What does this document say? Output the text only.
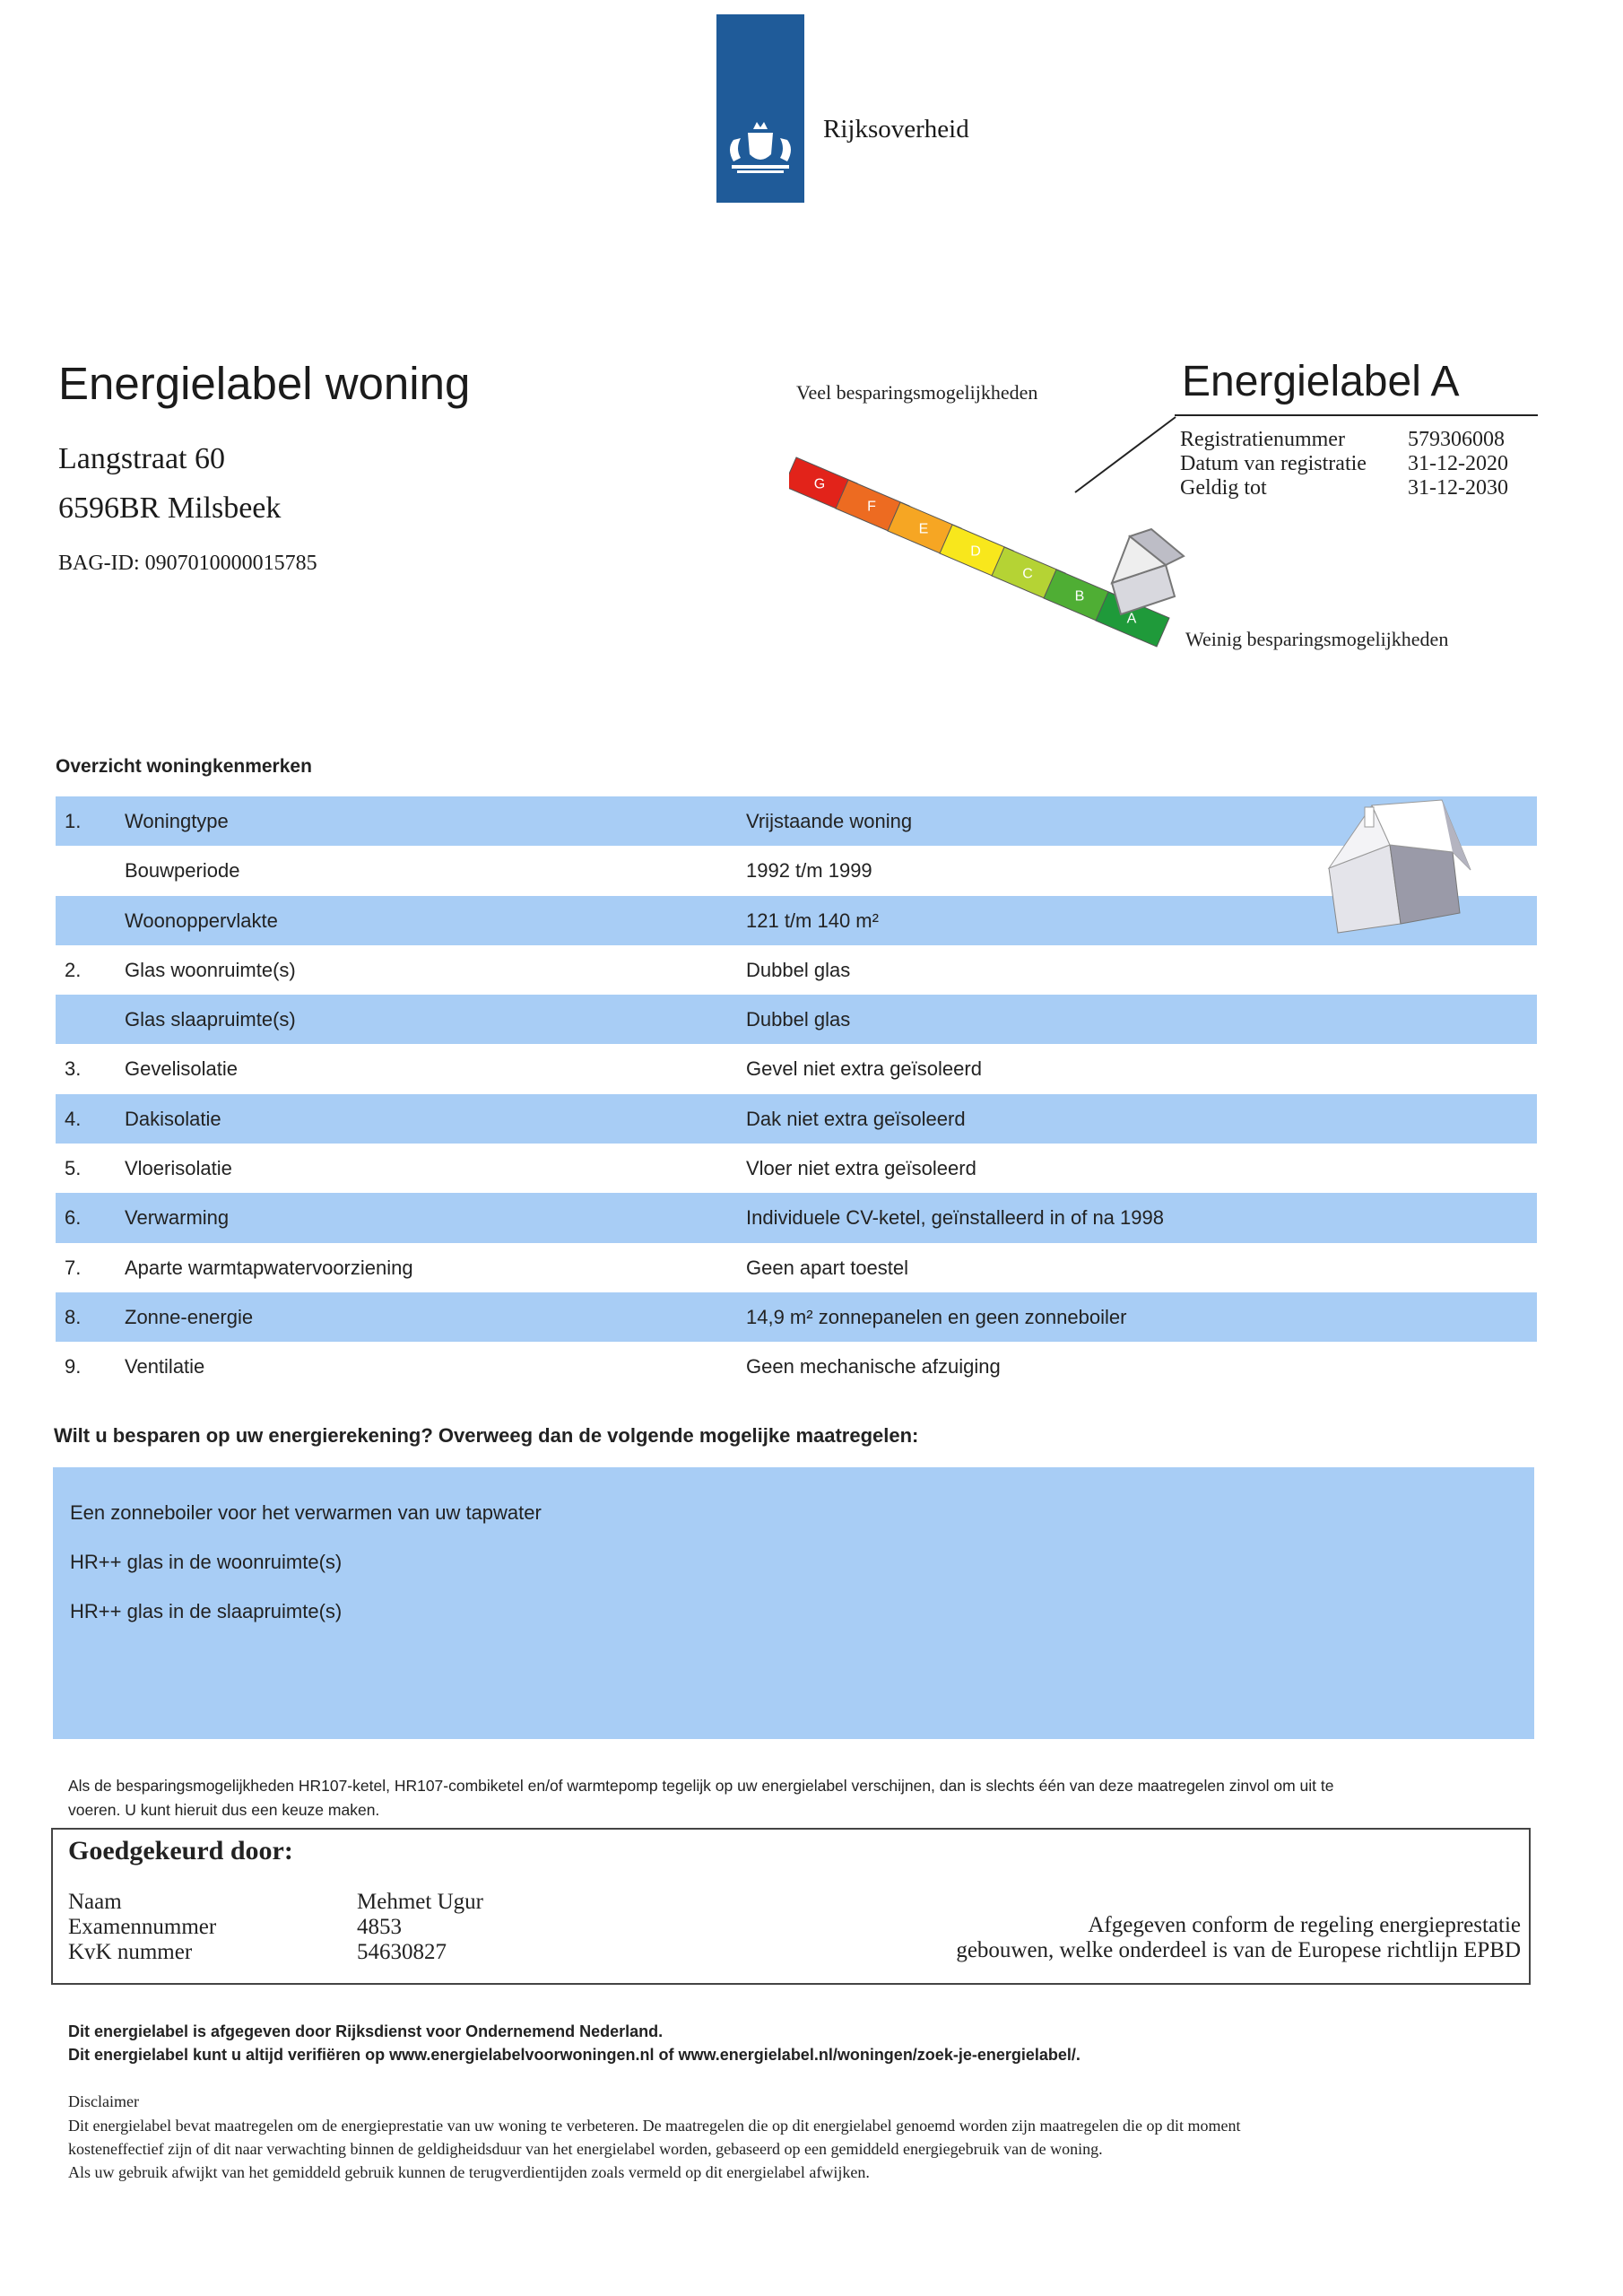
Rijksoverheid
Energielabel woning
Langstraat 60
6596BR Milsbeek
BAG-ID: 0907010000015785
Veel besparingsmogelijkheden
G
F
E
D
C
B
A
Weinig besparingsmogelijkheden
Energielabel A
Registratienummer	579306008
Datum van registratie 31-12-2020
Geldig tot	31-12-2030
Overzicht woningkenmerken
1. Woningtype	Vrijstaande woning
Bouwperiode	1992 t/m 1999
Woonoppervlakte	121 t/m 140 m²
2. Glas woonruimte(s)	Dubbel glas
Glas slaapruimte(s)	Dubbel glas
3. Gevelisolatie	Gevel niet extra geïsoleerd
4. Dakisolatie	Dak niet extra geïsoleerd
5. Vloerisolatie	Vloer niet extra geïsoleerd
6. Verwarming	Individuele CV-ketel, geïnstalleerd in of na 1998
7. Aparte warmtapwatervoorziening	Geen apart toestel
8. Zonne-energie	14,9 m² zonnepanelen en geen zonneboiler
9. Ventilatie	Geen mechanische afzuiging
Wilt u besparen op uw energierekening? Overweeg dan de volgende mogelijke maatregelen:
Een zonneboiler voor het verwarmen van uw tapwater
HR++ glas in de woonruimte(s)
HR++ glas in de slaapruimte(s)
Als de besparingsmogelijkheden HR107-ketel, HR107-combiketel en/of warmtepomp tegelijk op uw energielabel verschijnen, dan is slechts één van deze maatregelen zinvol om uit te
voeren. U kunt hieruit dus een keuze maken.
Goedgekeurd door:
Naam	Mehmet Ugur
Examennummer	4853
KvK nummer	54630827
Afgegeven conform de regeling energieprestatie
gebouwen, welke onderdeel is van de Europese richtlijn EPBD
Dit energielabel is afgegeven door Rijksdienst voor Ondernemend Nederland.
Dit energielabel kunt u altijd verifiëren op www.energielabelvoorwoningen.nl of www.energielabel.nl/woningen/zoek-je-energielabel/.
Disclaimer
Dit energielabel bevat maatregelen om de energieprestatie van uw woning te verbeteren. De maatregelen die op dit energielabel genoemd worden zijn maatregelen die op dit moment
kosteneffectief zijn of dit naar verwachting binnen de geldigheidsduur van het energielabel worden, gebaseerd op een gemiddeld energiegebruik van de woning.
Als uw gebruik afwijkt van het gemiddeld gebruik kunnen de terugverdientijden zoals vermeld op dit energielabel afwijken.
